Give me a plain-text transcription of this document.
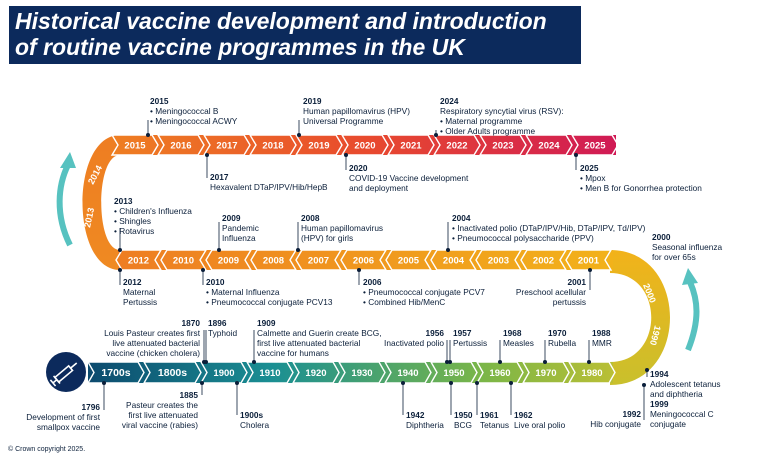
Historical vaccine development and introduction
of routine vaccine programmes in the UK
2015	2016	2017	2018	2019	2020	2021	2022	2023	2024	2025
2012	2010	2009	2008	2007	2006	2005	2004	2003	2002	2001
1700s	1800s	1900	1910	1920	1930	1940	1950	1960	1970	1980
2013
2014
2000
1990
2015
• Meningococcal B
• Meningococcal ACWY
2019
Human papillomavirus (HPV)
Universal Programme
2024
Respiratory syncytial virus (RSV):
• Maternal programme
• Older Adults programme
2017
Hexavalent DTaP/IPV/Hib/HepB
2020
COVID-19 Vaccine development
and deployment
2025
• Mpox
• Men B for Gonorrhea protection
2013
• Children's Influenza
• Shingles
• Rotavirus
2009
Pandemic
Influenza
2008
Human papillomavirus
(HPV) for girls
2004
• Inactivated polio (DTaP/IPV/Hib, DTaP/IPV, Td/IPV)
• Pneumococcal polysaccharide (PPV)	2000
Seasonal influenza
for over 65s
2012
Maternal
Pertussis
2010
• Maternal Influenza
• Pneumococcal conjugate PCV13
2006
• Pneumococcal conjugate PCV7
• Combined Hib/MenC
2001
Preschool acellular
pertussis
1870
Louis Pasteur creates first
live attenuated bacterial
vaccine (chicken cholera)
1896
Typhoid
1909
Calmette and Guerin create BCG,
first live attenuated bacterial
vaccine for humans
1956
Inactivated polio
1957
Pertussis
1968
Measles
1970
Rubella
1988
MMR
1994
Adolescent tetanus
and diphtheria
1999
Meningococcal C
conjugate
1992
Hib conjugate
1796
Development of first
smallpox vaccine
1885
Pasteur creates the
first live attenuated
viral vaccine (rabies)
1900s
Cholera
1942
Diphtheria
1950
BCG
1961
Tetanus
1962
Live oral polio
© Crown copyright 2025.
